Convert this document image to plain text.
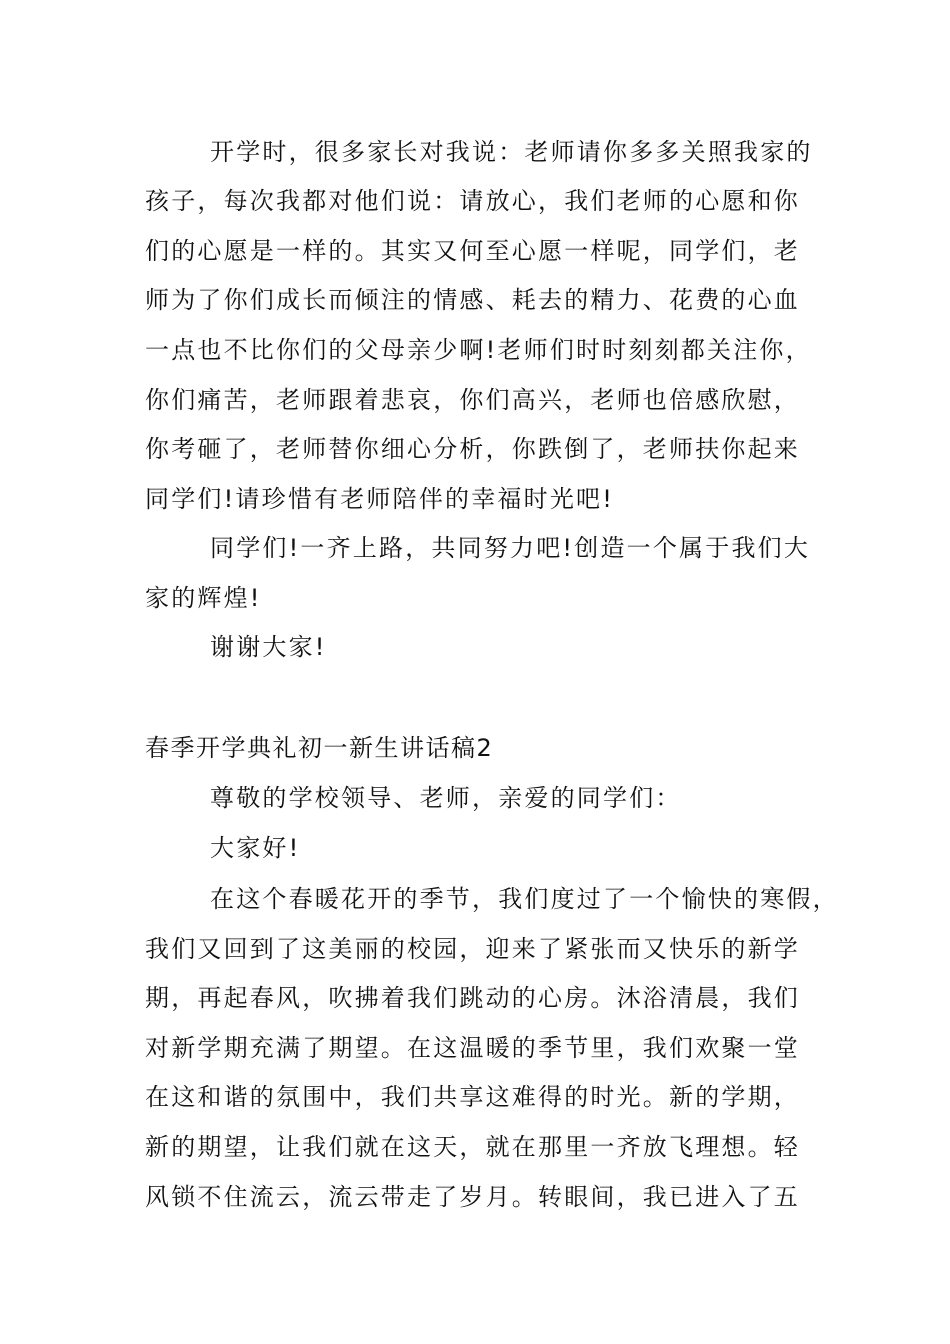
开学时，很多家长对我说：老师请你多多关照我家的

孩子，每次我都对他们说：请放心，我们老师的心愿和你

们的心愿是一样的。其实又何至心愿一样呢，同学们，老

师为了你们成长而倾注的情感、耗去的精力、花费的心血

一点也不比你们的父母亲少啊!老师们时时刻刻都关注你，

你们痛苦，老师跟着悲哀，你们高兴，老师也倍感欣慰，

你考砸了，老师替你细心分析，你跌倒了，老师扶你起来

同学们!请珍惜有老师陪伴的幸福时光吧!

同学们!一齐上路，共同努力吧!创造一个属于我们大

家的辉煌!

谢谢大家!

春季开学典礼初一新生讲话稿2

尊敬的学校领导、老师，亲爱的同学们：

大家好!

在这个春暖花开的季节，我们度过了一个愉快的寒假，

我们又回到了这美丽的校园，迎来了紧张而又快乐的新学

期，再起春风，吹拂着我们跳动的心房。沐浴清晨，我们

对新学期充满了期望。在这温暖的季节里，我们欢聚一堂

在这和谐的氛围中，我们共享这难得的时光。新的学期，

新的期望，让我们就在这天，就在那里一齐放飞理想。轻

风锁不住流云，流云带走了岁月。转眼间，我已进入了五
